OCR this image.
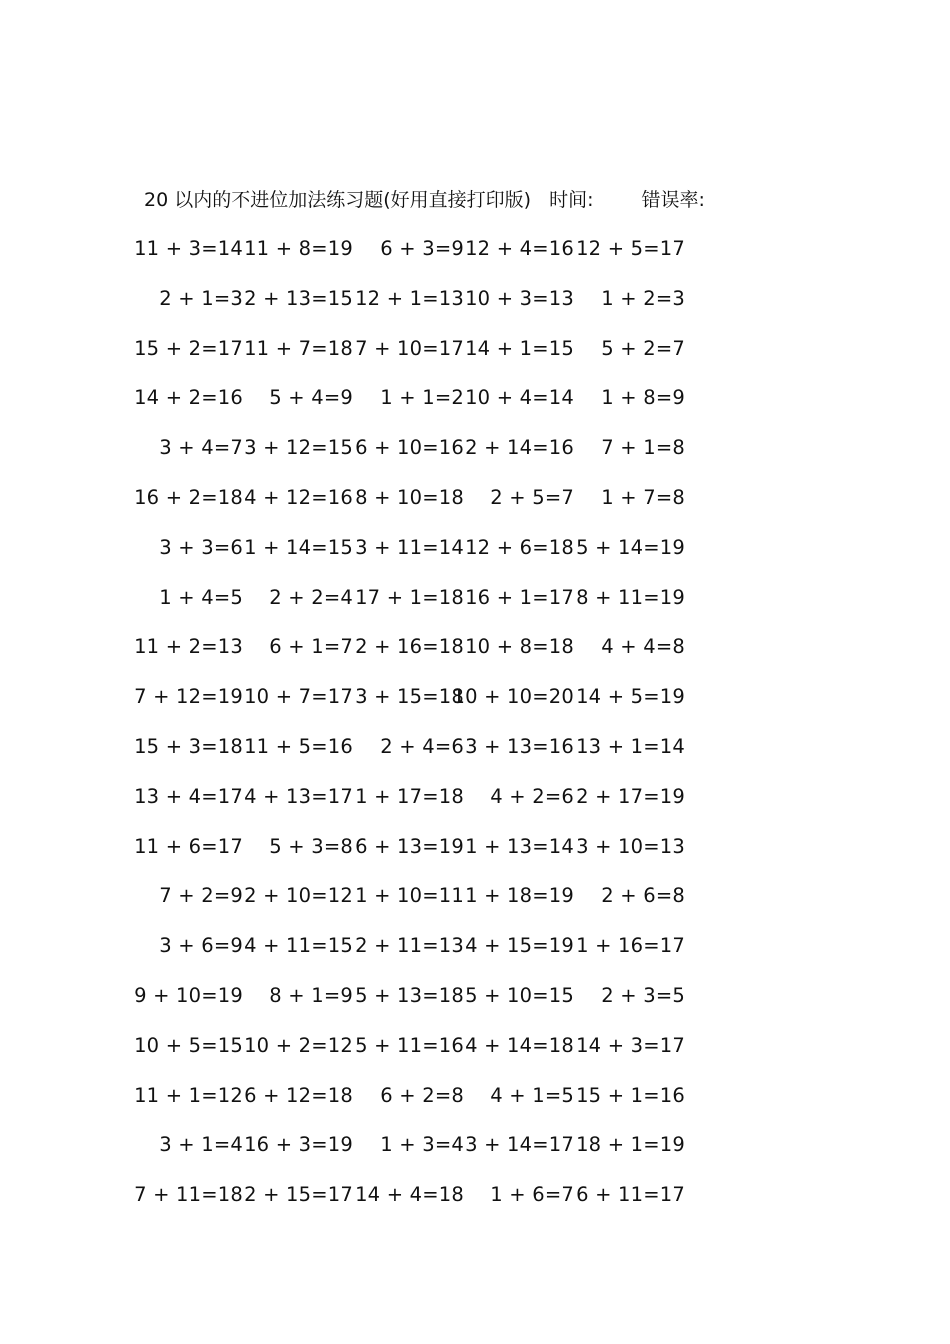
20 以内的不进位加法练习题(好用直接打印版) 时间:	错误率:
11 + 3=14 11 + 8=19 6 + 3=9 12 + 4=16 12 + 5=17
2 + 1=3 2 + 13=15 12 + 1=13 10 + 3=13 1 + 2=3
15 + 2=17 11 + 7=18 7 + 10=17 14 + 1=15 5 + 2=7
14 + 2=16 5 + 4=9 1 + 1=2 10 + 4=14 1 + 8=9
3 + 4=7 3 + 12=15 6 + 10=16 2 + 14=16 7 + 1=8
16 + 2=18 4 + 12=16 8 + 10=18 2 + 5=7 1 + 7=8
3 + 3=6 1 + 14=15 3 + 11=14 12 + 6=18 5 + 14=19
1 + 4=5 2 + 2=4 17 + 1=18 16 + 1=17 8 + 11=19
11 + 2=13 6 + 1=7 2 + 16=18 10 + 8=18 4 + 4=8
7 + 12=19 10 + 7=17 3 + 15=18
10 + 10=20 14 + 5=19
15 + 3=18 11 + 5=16 2 + 4=6 3 + 13=16 13 + 1=14
13 + 4=17 4 + 13=17 1 + 17=18 4 + 2=6 2 + 17=19
11 + 6=17 5 + 3=8 6 + 13=19 1 + 13=14 3 + 10=13
7 + 2=9 2 + 10=12 1 + 10=11 1 + 18=19 2 + 6=8
3 + 6=9 4 + 11=15 2 + 11=13 4 + 15=19 1 + 16=17
9 + 10=19 8 + 1=9 5 + 13=18 5 + 10=15 2 + 3=5
10 + 5=15 10 + 2=12 5 + 11=16 4 + 14=18 14 + 3=17
11 + 1=12 6 + 12=18 6 + 2=8 4 + 1=5 15 + 1=16
3 + 1=4 16 + 3=19 1 + 3=4 3 + 14=17 18 + 1=19
7 + 11=18 2 + 15=17 14 + 4=18 1 + 6=7 6 + 11=17
